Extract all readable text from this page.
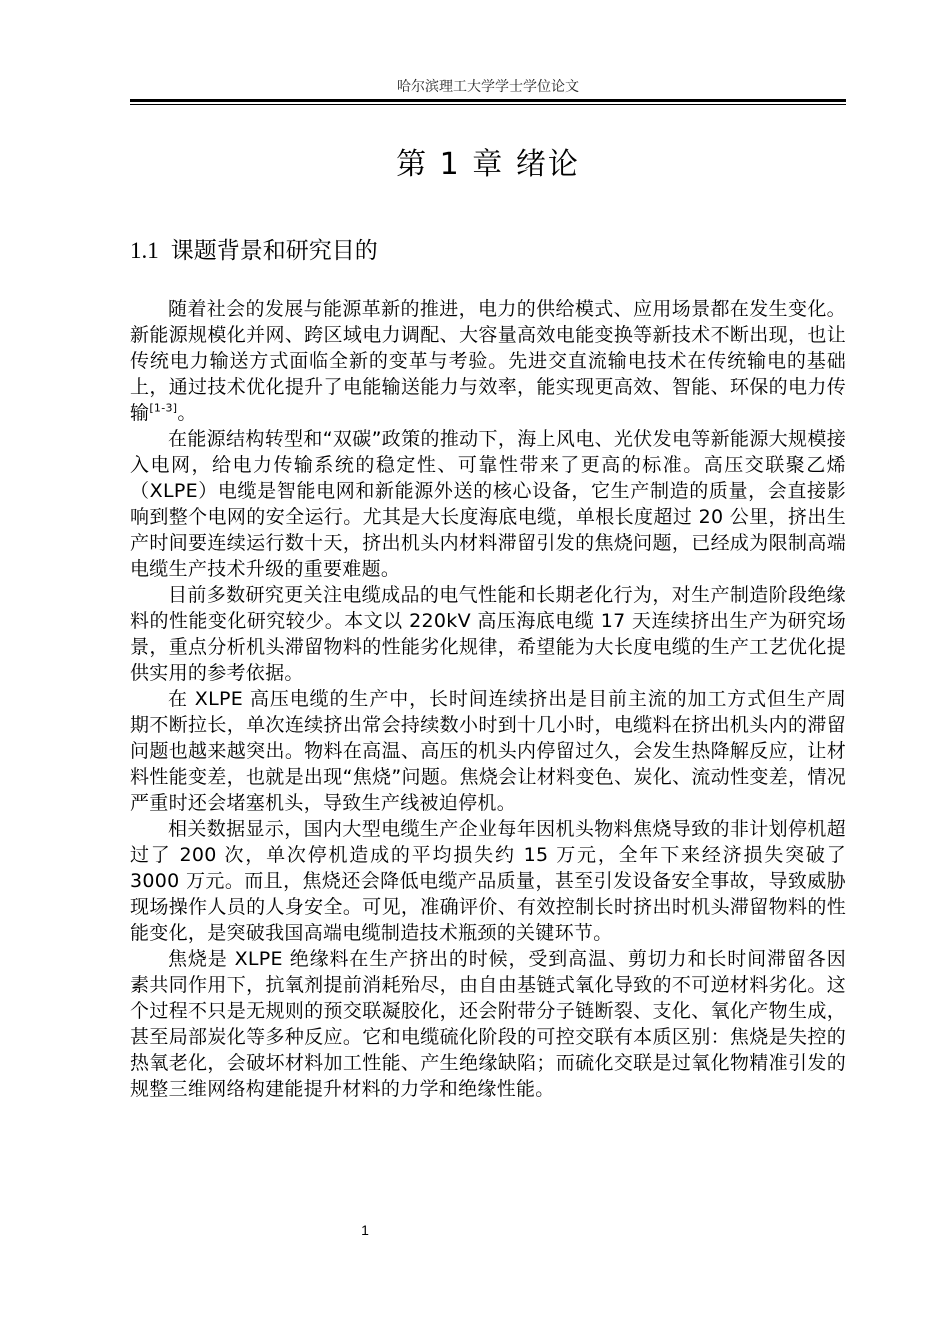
哈尔滨理工大学学士学位论文
第 1 章 绪论
1.1 课题背景和研究目的

随着社会的发展与能源革新的推进，电力的供给模式、应用场景都在发生变化。新能源规模化并网、跨区域电力调配、大容量高效电能变换等新技术不断出现，也让传统电力输送方式面临全新的变革与考验。先进交直流输电技术在传统输电的基础上，通过技术优化提升了电能输送能力与效率，能实现更高效、智能、环保的电力传输[1-3]。

在能源结构转型和“双碳”政策的推动下，海上风电、光伏发电等新能源大规模接入电网，给电力传输系统的稳定性、可靠性带来了更高的标准。高压交联聚乙烯（XLPE）电缆是智能电网和新能源外送的核心设备，它生产制造的质量，会直接影响到整个电网的安全运行。尤其是大长度海底电缆，单根长度超过 20 公里，挤出生产时间要连续运行数十天，挤出机头内材料滞留引发的焦烧问题，已经成为限制高端电缆生产技术升级的重要难题。

目前多数研究更关注电缆成品的电气性能和长期老化行为，对生产制造阶段绝缘料的性能变化研究较少。本文以 220kV 高压海底电缆 17 天连续挤出生产为研究场景，重点分析机头滞留物料的性能劣化规律，希望能为大长度电缆的生产工艺优化提供实用的参考依据。

在 XLPE 高压电缆的生产中，长时间连续挤出是目前主流的加工方式但生产周期不断拉长，单次连续挤出常会持续数小时到十几小时，电缆料在挤出机头内的滞留问题也越来越突出。物料在高温、高压的机头内停留过久，会发生热降解反应，让材料性能变差，也就是出现“焦烧”问题。焦烧会让材料变色、炭化、流动性变差，情况严重时还会堵塞机头，导致生产线被迫停机。

相关数据显示，国内大型电缆生产企业每年因机头物料焦烧导致的非计划停机超过了 200 次，单次停机造成的平均损失约 15 万元，全年下来经济损失突破了 3000 万元。而且，焦烧还会降低电缆产品质量，甚至引发设备安全事故，导致威胁现场操作人员的人身安全。可见，准确评价、有效控制长时挤出时机头滞留物料的性能变化，是突破我国高端电缆制造技术瓶颈的关键环节。

焦烧是 XLPE 绝缘料在生产挤出的时候，受到高温、剪切力和长时间滞留各因素共同作用下，抗氧剂提前消耗殆尽，由自由基链式氧化导致的不可逆材料劣化。这个过程不只是无规则的预交联凝胶化，还会附带分子链断裂、支化、氧化产物生成，甚至局部炭化等多种反应。它和电缆硫化阶段的可控交联有本质区别：焦烧是失控的热氧老化，会破坏材料加工性能、产生绝缘缺陷；而硫化交联是过氧化物精准引发的规整三维网络构建能提升材料的力学和绝缘性能。

1
